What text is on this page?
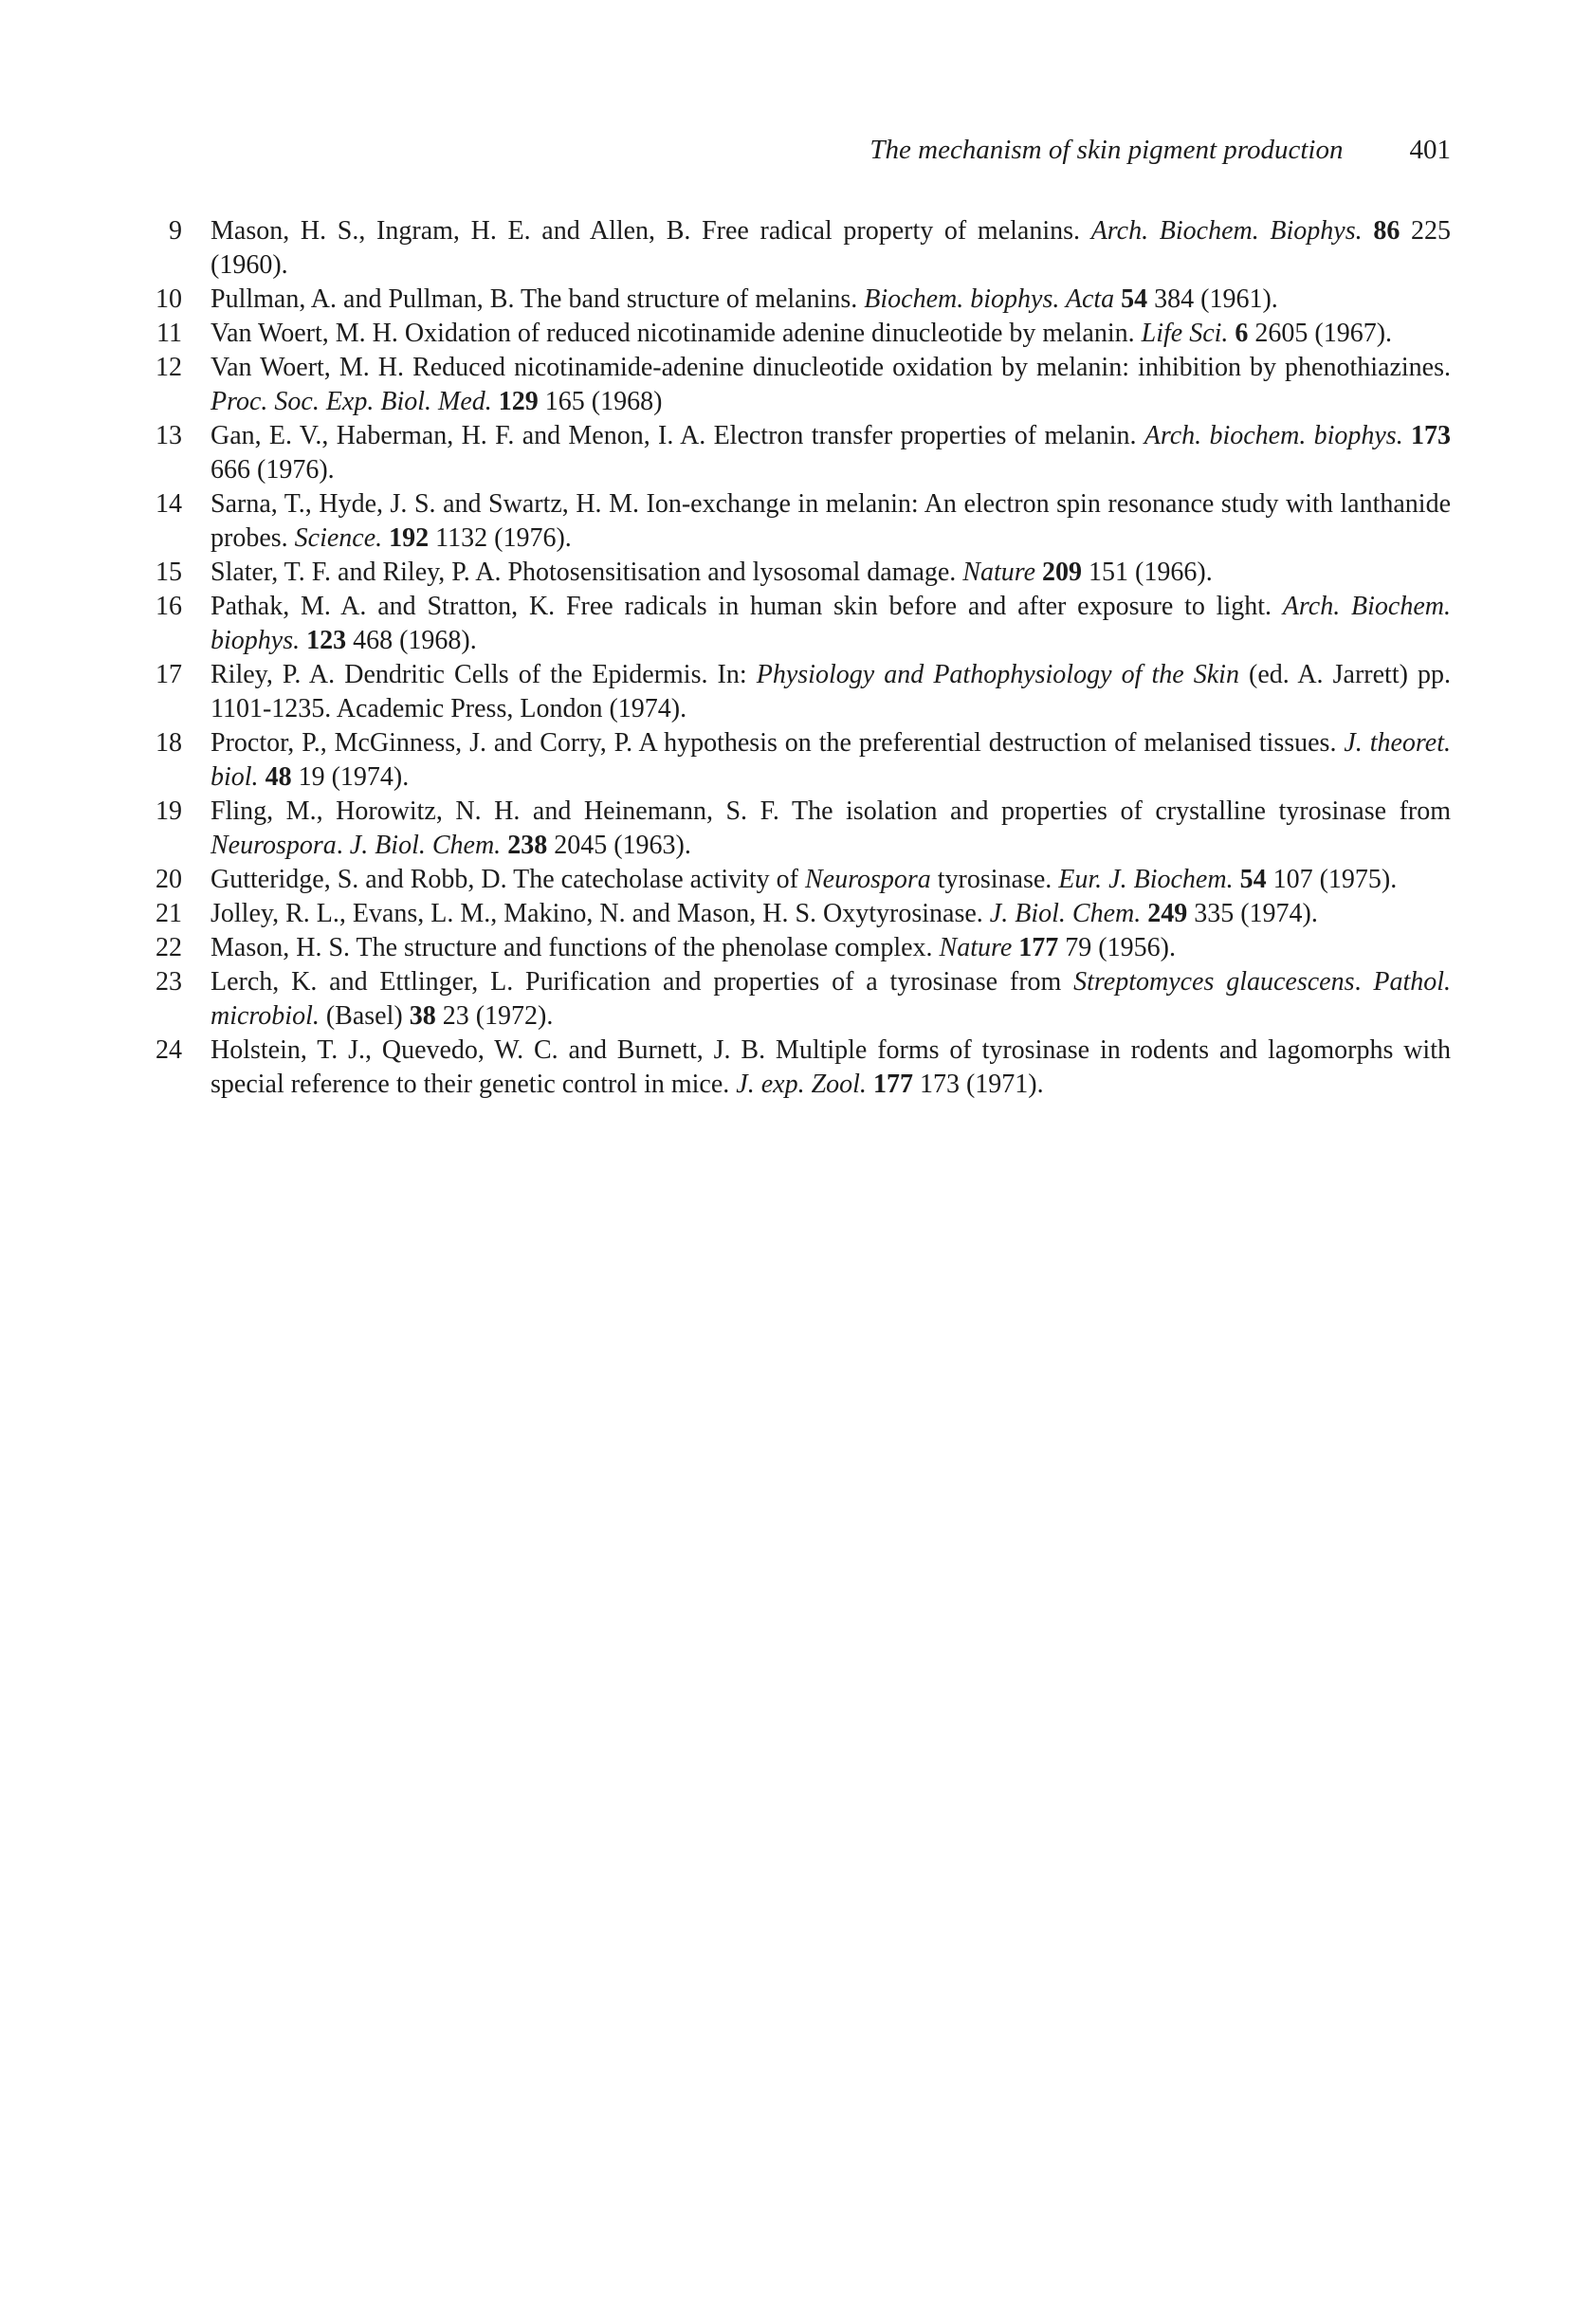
The mechanism of skin pigment production 401
9 Mason, H. S., Ingram, H. E. and Allen, B. Free radical property of melanins. Arch. Biochem. Biophys. 86 225 (1960).
10 Pullman, A. and Pullman, B. The band structure of melanins. Biochem. biophys. Acta 54 384 (1961).
11 Van Woert, M. H. Oxidation of reduced nicotinamide adenine dinucleotide by melanin. Life Sci. 6 2605 (1967).
12 Van Woert, M. H. Reduced nicotinamide-adenine dinucleotide oxidation by melanin: inhibition by phenothiazines. Proc. Soc. Exp. Biol. Med. 129 165 (1968)
13 Gan, E. V., Haberman, H. F. and Menon, I. A. Electron transfer properties of melanin. Arch. biochem. biophys. 173 666 (1976).
14 Sarna, T., Hyde, J. S. and Swartz, H. M. Ion-exchange in melanin: An electron spin resonance study with lanthanide probes. Science. 192 1132 (1976).
15 Slater, T. F. and Riley, P. A. Photosensitisation and lysosomal damage. Nature 209 151 (1966).
16 Pathak, M. A. and Stratton, K. Free radicals in human skin before and after exposure to light. Arch. Biochem. biophys. 123 468 (1968).
17 Riley, P. A. Dendritic Cells of the Epidermis. In: Physiology and Pathophysiology of the Skin (ed. A. Jarrett) pp. 1101-1235. Academic Press, London (1974).
18 Proctor, P., McGinness, J. and Corry, P. A hypothesis on the preferential destruction of melanised tissues. J. theoret. biol. 48 19 (1974).
19 Fling, M., Horowitz, N. H. and Heinemann, S. F. The isolation and properties of crystalline tyrosinase from Neurospora. J. Biol. Chem. 238 2045 (1963).
20 Gutteridge, S. and Robb, D. The catecholase activity of Neurospora tyrosinase. Eur. J. Biochem. 54 107 (1975).
21 Jolley, R. L., Evans, L. M., Makino, N. and Mason, H. S. Oxytyrosinase. J. Biol. Chem. 249 335 (1974).
22 Mason, H. S. The structure and functions of the phenolase complex. Nature 177 79 (1956).
23 Lerch, K. and Ettlinger, L. Purification and properties of a tyrosinase from Streptomyces glaucescens. Pathol. microbiol. (Basel) 38 23 (1972).
24 Holstein, T. J., Quevedo, W. C. and Burnett, J. B. Multiple forms of tyrosinase in rodents and lagomorphs with special reference to their genetic control in mice. J. exp. Zool. 177 173 (1971).
